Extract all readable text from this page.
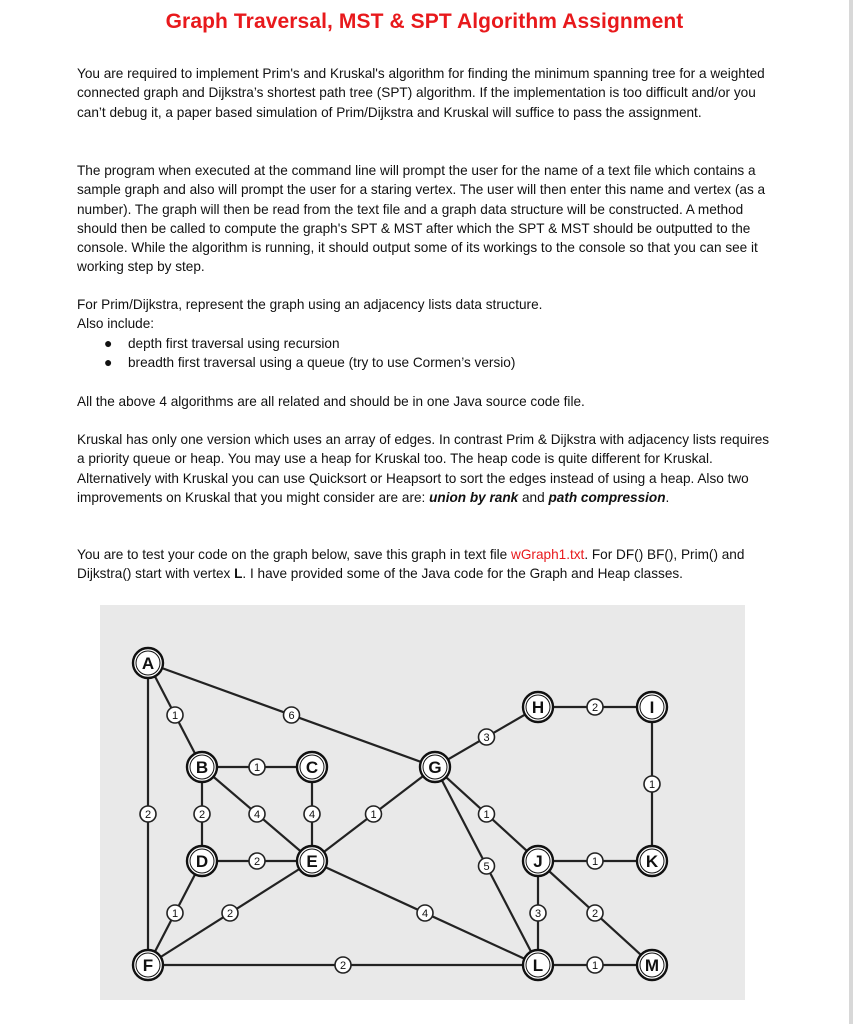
Graph Traversal, MST & SPT Algorithm Assignment

You are required to implement Prim's and Kruskal's algorithm for finding the minimum spanning tree for a weighted connected graph and Dijkstra’s shortest path tree (SPT) algorithm. If the implementation is too difficult and/or you can’t debug it, a paper based simulation of Prim/Dijkstra and Kruskal will suffice to pass the assignment.

The program when executed at the command line will prompt the user for the name of a text file which contains a sample graph and also will prompt the user for a staring vertex. The user will then enter this name and vertex (as a number). The graph will then be read from the text file and a graph data structure will be constructed. A method should then be called to compute the graph's SPT & MST after which the SPT & MST should be outputted to the console. While the algorithm is running, it should output some of its workings to the console so that you can see it working step by step.

For Prim/Dijkstra, represent the graph using an adjacency lists data structure.

Also include:

● depth first traversal using recursion
● breadth first traversal using a queue (try to use Cormen’s versio)

All the above 4 algorithms are all related and should be in one Java source code file.

Kruskal has only one version which uses an array of edges. In contrast Prim & Dijkstra with adjacency lists requires a priority queue or heap. You may use a heap for Kruskal too. The heap code is quite different for Kruskal. Alternatively with Kruskal you can use Quicksort or Heapsort to sort the edges instead of using a heap. Also two improvements on Kruskal that you might consider are are: union by rank and path compression.

You are to test your code on the graph below, save this graph in text file wGraph1.txt. For DF() BF(), Prim() and Dijkstra() start with vertex L. I have provided some of the Java code for the Graph and Heap classes.

1	6
2
1
2	4	4
2
1	2
1
4
2
3
1
5
2
1
1
3	2
1
A
B	C
D	E
F
G
H	I
J	K
L	M
